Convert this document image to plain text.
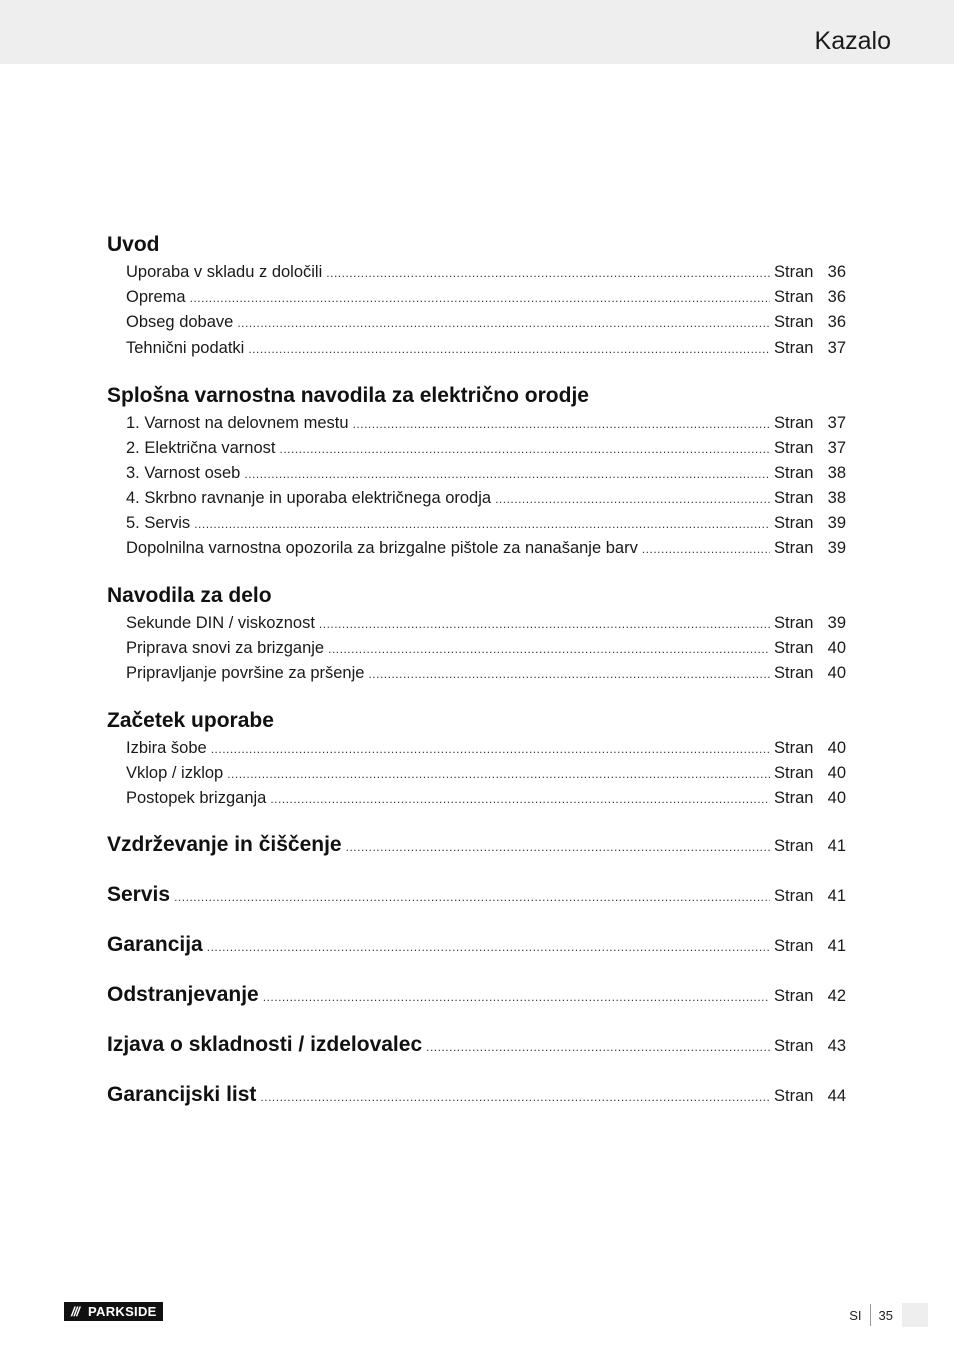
Kazalo
Uvod
Uporaba v skladu z določili .....	Stran 36
Oprema .....	Stran 36
Obseg dobave .....	Stran 36
Tehnični podatki .....	Stran 37
Splošna varnostna navodila za električno orodje
1. Varnost na delovnem mestu .....	Stran 37
2. Električna varnost .....	Stran 37
3. Varnost oseb .....	Stran 38
4. Skrbno ravnanje in uporaba električnega orodja .....	Stran 38
5. Servis .....	Stran 39
Dopolnilna varnostna opozorila za brizgalne pištole za nanašanje barv .....	Stran 39
Navodila za delo
Sekunde DIN / viskoznost .....	Stran 39
Priprava snovi za brizganje .....	Stran 40
Pripravljanje površine za pršenje .....	Stran 40
Začetek uporabe
Izbira šobe .....	Stran 40
Vklop / izklop .....	Stran 40
Postopek brizganja .....	Stran 40
Vzdrževanje in čiščenje .....	Stran 41
Servis .....	Stran 41
Garancija .....	Stran 41
Odstranjevanje .....	Stran 42
Izjava o skladnosti / izdelovalec .....	Stran 43
Garancijski list .....	Stran 44
/// PARKSIDE	SI	35
